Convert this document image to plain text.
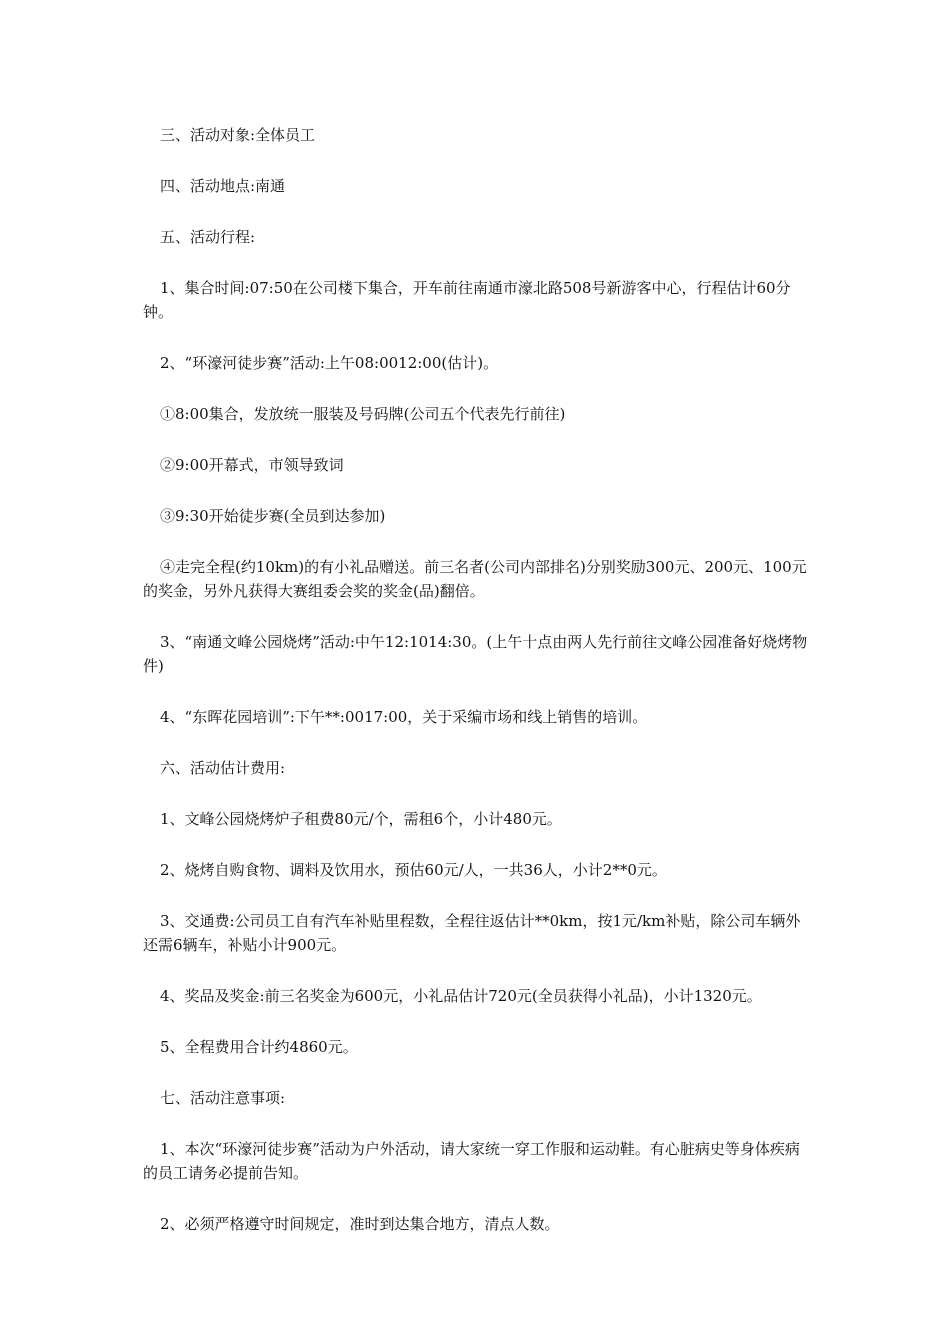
三、活动对象:全体员工

四、活动地点:南通

五、活动行程:

1、集合时间:07:50在公司楼下集合，开车前往南通市濠北路508号新游客中心，行程估计60分钟。

2、“环濠河徒步赛”活动:上午08:0012:00(估计)。

①8:00集合，发放统一服装及号码牌(公司五个代表先行前往)

②9:00开幕式，市领导致词

③9:30开始徒步赛(全员到达参加)

④走完全程(约10km)的有小礼品赠送。前三名者(公司内部排名)分别奖励300元、200元、100元的奖金，另外凡获得大赛组委会奖的奖金(品)翻倍。

3、“南通文峰公园烧烤”活动:中午12:1014:30。(上午十点由两人先行前往文峰公园准备好烧烤物件)

4、“东晖花园培训”:下午**:0017:00，关于采编市场和线上销售的培训。

六、活动估计费用:

1、文峰公园烧烤炉子租费80元/个，需租6个，小计480元。

2、烧烤自购食物、调料及饮用水，预估60元/人，一共36人，小计2**0元。

3、交通费:公司员工自有汽车补贴里程数，全程往返估计**0km，按1元/km补贴，除公司车辆外还需6辆车，补贴小计900元。

4、奖品及奖金:前三名奖金为600元，小礼品估计720元(全员获得小礼品)，小计1320元。

5、全程费用合计约4860元。

七、活动注意事项:

1、本次“环濠河徒步赛”活动为户外活动，请大家统一穿工作服和运动鞋。有心脏病史等身体疾病的员工请务必提前告知。

2、必须严格遵守时间规定，准时到达集合地方，清点人数。
